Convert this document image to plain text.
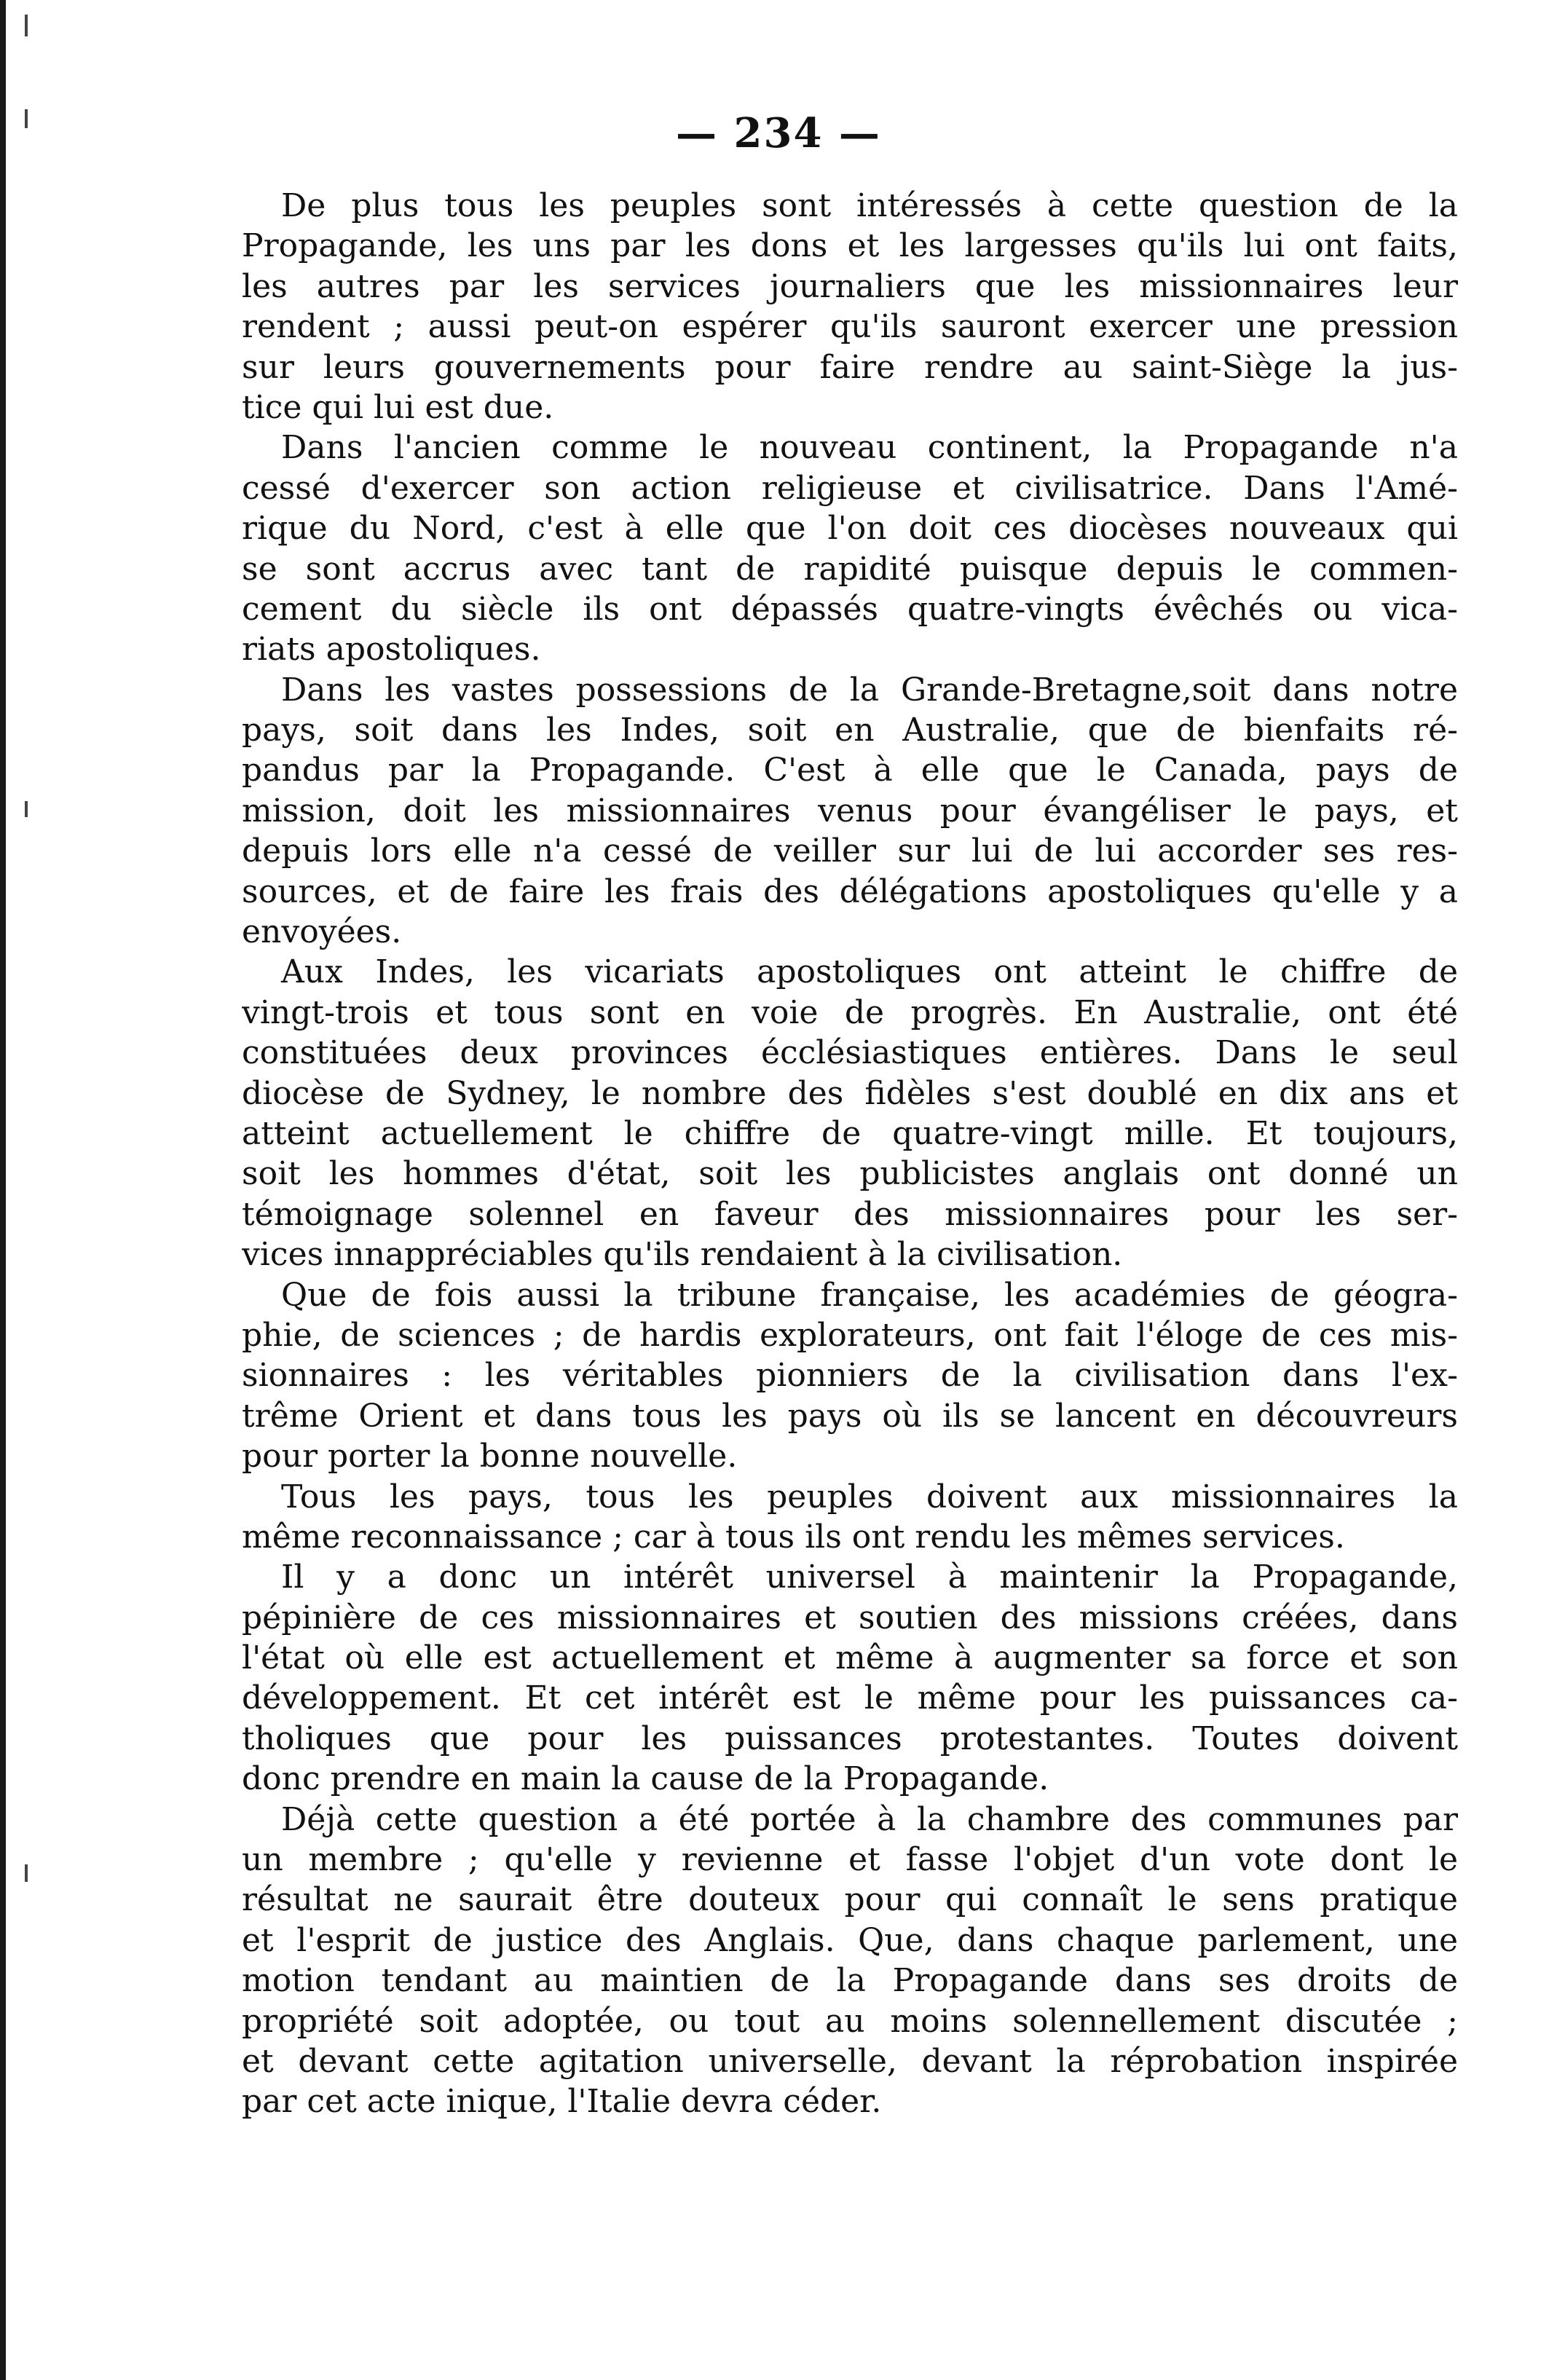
— 234 —
De plus tous les peuples sont intéressés à cette question de la
Propagande, les uns par les dons et les largesses qu'ils lui ont faits,
les autres par les services journaliers que les missionnaires leur
rendent ; aussi peut-on espérer qu'ils sauront exercer une pression
sur leurs gouvernements pour faire rendre au saint-Siège la jus-
tice qui lui est due.
Dans l'ancien comme le nouveau continent, la Propagande n'a
cessé d'exercer son action religieuse et civilisatrice. Dans l'Amé-
rique du Nord, c'est à elle que l'on doit ces diocèses nouveaux qui
se sont accrus avec tant de rapidité puisque depuis le commen-
cement du siècle ils ont dépassés quatre-vingts évêchés ou vica-
riats apostoliques.
Dans les vastes possessions de la Grande-Bretagne,soit dans notre
pays, soit dans les Indes, soit en Australie, que de bienfaits ré-
pandus par la Propagande. C'est à elle que le Canada, pays de
mission, doit les missionnaires venus pour évangéliser le pays, et
depuis lors elle n'a cessé de veiller sur lui de lui accorder ses res-
sources, et de faire les frais des délégations apostoliques qu'elle y a
envoyées.
Aux Indes, les vicariats apostoliques ont atteint le chiffre de
vingt-trois et tous sont en voie de progrès. En Australie, ont été
constituées deux provinces écclésiastiques entières. Dans le seul
diocèse de Sydney, le nombre des fidèles s'est doublé en dix ans et
atteint actuellement le chiffre de quatre-vingt mille. Et toujours,
soit les hommes d'état, soit les publicistes anglais ont donné un
témoignage solennel en faveur des missionnaires pour les ser-
vices innappréciables qu'ils rendaient à la civilisation.
Que de fois aussi la tribune française, les académies de géogra-
phie, de sciences ; de hardis explorateurs, ont fait l'éloge de ces mis-
sionnaires : les véritables pionniers de la civilisation dans l'ex-
trême Orient et dans tous les pays où ils se lancent en découvreurs
pour porter la bonne nouvelle.
Tous les pays, tous les peuples doivent aux missionnaires la
même reconnaissance ; car à tous ils ont rendu les mêmes services.
Il y a donc un intérêt universel à maintenir la Propagande,
pépinière de ces missionnaires et soutien des missions créées, dans
l'état où elle est actuellement et même à augmenter sa force et son
développement. Et cet intérêt est le même pour les puissances ca-
tholiques que pour les puissances protestantes. Toutes doivent
donc prendre en main la cause de la Propagande.
Déjà cette question a été portée à la chambre des communes par
un membre ; qu'elle y revienne et fasse l'objet d'un vote dont le
résultat ne saurait être douteux pour qui connaît le sens pratique
et l'esprit de justice des Anglais. Que, dans chaque parlement, une
motion tendant au maintien de la Propagande dans ses droits de
propriété soit adoptée, ou tout au moins solennellement discutée ;
et devant cette agitation universelle, devant la réprobation inspirée
par cet acte inique, l'Italie devra céder.
